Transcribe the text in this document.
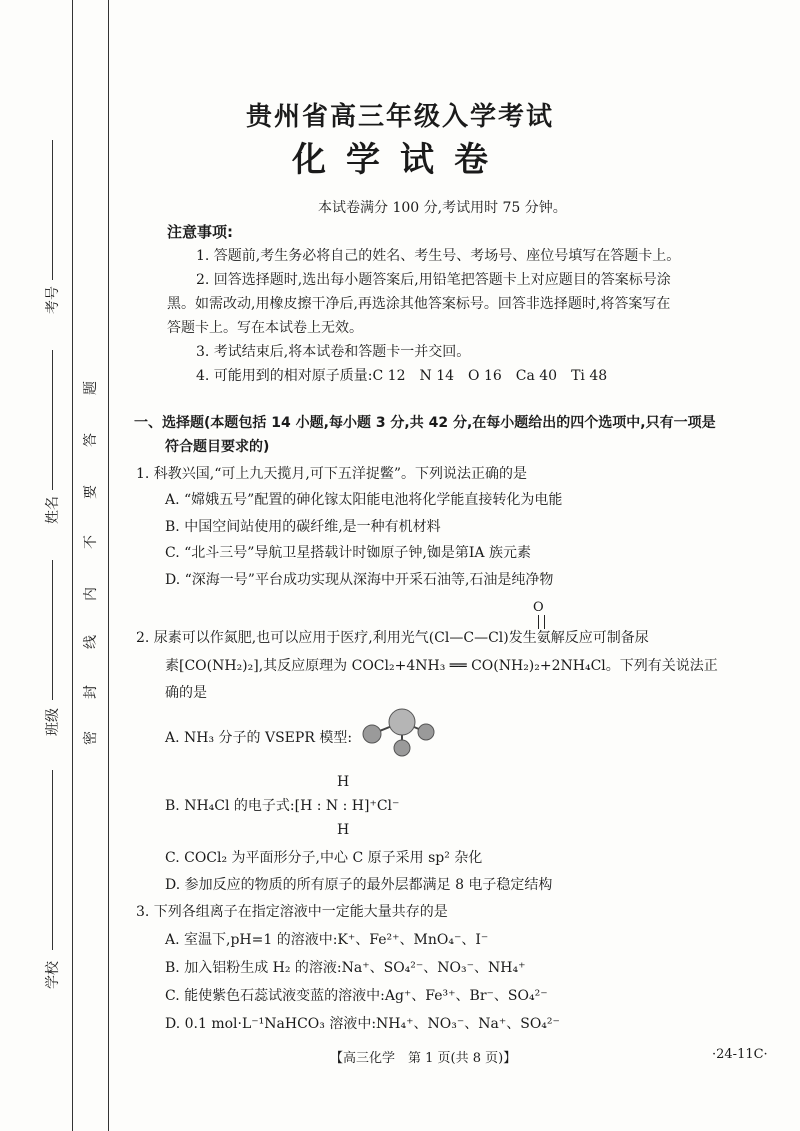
考号
姓名
班级
学校
题
答
要
不
内
线
封
密
贵州省高三年级入学考试
化学试卷
本试卷满分 100 分,考试用时 75 分钟。
注意事项:
1. 答题前,考生务必将自己的姓名、考生号、考场号、座位号填写在答题卡上。
2. 回答选择题时,选出每小题答案后,用铅笔把答题卡上对应题目的答案标号涂
黑。如需改动,用橡皮擦干净后,再选涂其他答案标号。回答非选择题时,将答案写在
答题卡上。写在本试卷上无效。
3. 考试结束后,将本试卷和答题卡一并交回。
4. 可能用到的相对原子质量:C 12　N 14　O 16　Ca 40　Ti 48
一、选择题(本题包括 14 小题,每小题 3 分,共 42 分,在每小题给出的四个选项中,只有一项是
符合题目要求的)
1. 科教兴国,“可上九天揽月,可下五洋捉鳖”。下列说法正确的是
A. “嫦娥五号”配置的砷化镓太阳能电池将化学能直接转化为电能
B. 中国空间站使用的碳纤维,是一种有机材料
C. “北斗三号”导航卫星搭载计时铷原子钟,铷是第ⅠA 族元素
D. “深海一号”平台成功实现从深海中开采石油等,石油是纯净物
O
2. 尿素可以作氮肥,也可以应用于医疗,利用光气(Cl—C—Cl)发生氨解反应可制备尿
素[CO(NH₂)₂],其反应原理为 COCl₂+4NH₃ ══ CO(NH₂)₂+2NH₄Cl。下列有关说法正
确的是
A. NH₃ 分子的 VSEPR 模型:
H
B. NH₄Cl 的电子式:[H : N : H]⁺Cl⁻
H
C. COCl₂ 为平面形分子,中心 C 原子采用 sp² 杂化
D. 参加反应的物质的所有原子的最外层都满足 8 电子稳定结构
3. 下列各组离子在指定溶液中一定能大量共存的是
A. 室温下,pH=1 的溶液中:K⁺、Fe²⁺、MnO₄⁻、I⁻
B. 加入铝粉生成 H₂ 的溶液:Na⁺、SO₄²⁻、NO₃⁻、NH₄⁺
C. 能使紫色石蕊试液变蓝的溶液中:Ag⁺、Fe³⁺、Br⁻、SO₄²⁻
D. 0.1 mol·L⁻¹NaHCO₃ 溶液中:NH₄⁺、NO₃⁻、Na⁺、SO₄²⁻
【高三化学　第 1 页(共 8 页)】	·24-11C·
